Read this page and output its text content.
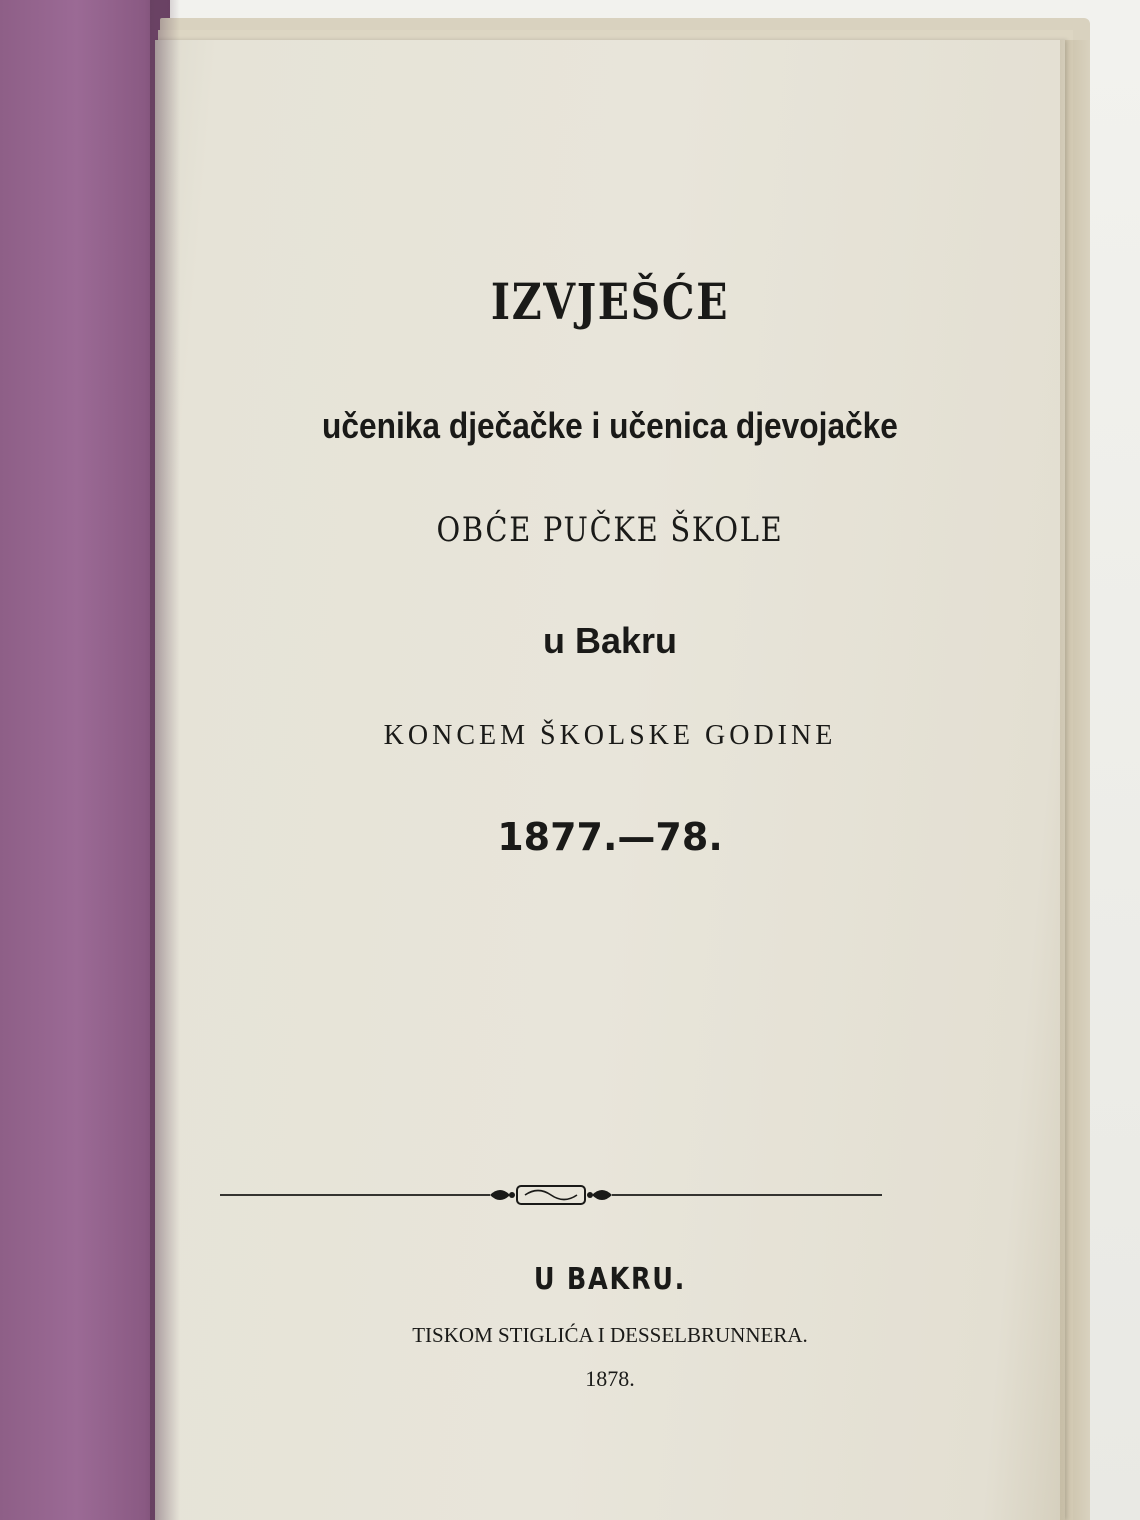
IZVJEŠĆE
učenika dječačke i učenica djevojačke
OBĆE PUČKE ŠKOLE
u Bakru
KONCEM ŠKOLSKE GODINE
1877.—78.
U BAKRU.
TISKOM STIGLIĆA I DESSELBRUNNERA.
1878.
